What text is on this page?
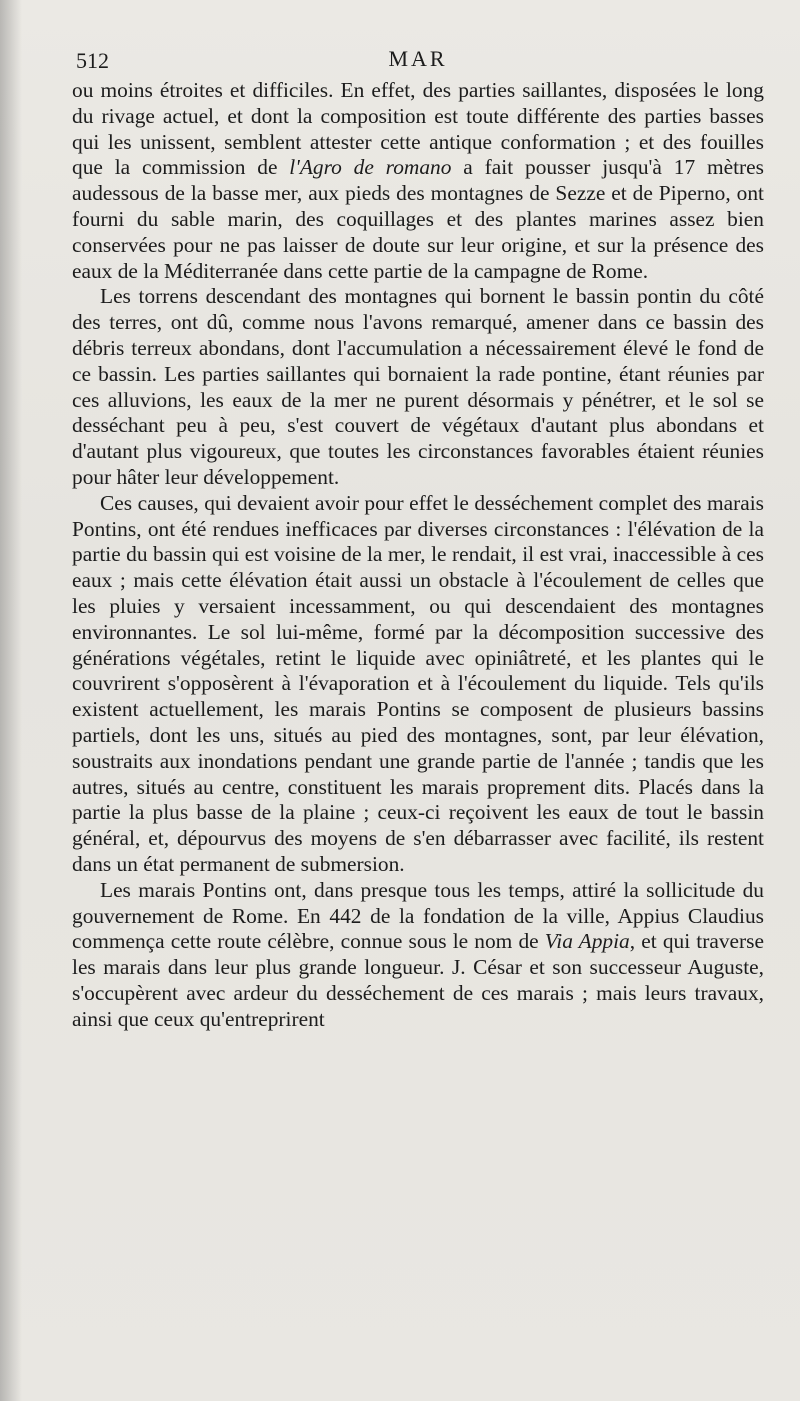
512	MAR

ou moins étroites et difficiles. En effet, des parties saillantes, disposées le long du rivage actuel, et dont la composition est toute différente des parties basses qui les unissent, semblent attester cette antique conformation ; et des fouilles que la commission de l'Agro de romano a fait pousser jusqu'à 17 mètres audessous de la basse mer, aux pieds des montagnes de Sezze et de Piperno, ont fourni du sable marin, des coquillages et des plantes marines assez bien conservées pour ne pas laisser de doute sur leur origine, et sur la présence des eaux de la Méditerranée dans cette partie de la campagne de Rome.

Les torrens descendant des montagnes qui bornent le bassin pontin du côté des terres, ont dû, comme nous l'avons remarqué, amener dans ce bassin des débris terreux abondans, dont l'accumulation a nécessairement élevé le fond de ce bassin. Les parties saillantes qui bornaient la rade pontine, étant réunies par ces alluvions, les eaux de la mer ne purent désormais y pénétrer, et le sol se desséchant peu à peu, s'est couvert de végétaux d'autant plus abondans et d'autant plus vigoureux, que toutes les circonstances favorables étaient réunies pour hâter leur développement.

Ces causes, qui devaient avoir pour effet le desséchement complet des marais Pontins, ont été rendues inefficaces par diverses circonstances : l'élévation de la partie du bassin qui est voisine de la mer, le rendait, il est vrai, inaccessible à ces eaux ; mais cette élévation était aussi un obstacle à l'écoulement de celles que les pluies y versaient incessamment, ou qui descendaient des montagnes environnantes. Le sol lui-même, formé par la décomposition successive des générations végétales, retint le liquide avec opiniâtreté, et les plantes qui le couvrirent s'opposèrent à l'évaporation et à l'écoulement du liquide. Tels qu'ils existent actuellement, les marais Pontins se composent de plusieurs bassins partiels, dont les uns, situés au pied des montagnes, sont, par leur élévation, soustraits aux inondations pendant une grande partie de l'année ; tandis que les autres, situés au centre, constituent les marais proprement dits. Placés dans la partie la plus basse de la plaine ; ceux-ci reçoivent les eaux de tout le bassin général, et, dépourvus des moyens de s'en débarrasser avec facilité, ils restent dans un état permanent de submersion.

Les marais Pontins ont, dans presque tous les temps, attiré la sollicitude du gouvernement de Rome. En 442 de la fondation de la ville, Appius Claudius commença cette route célèbre, connue sous le nom de Via Appia, et qui traverse les marais dans leur plus grande longueur. J. César et son successeur Auguste, s'occupèrent avec ardeur du desséchement de ces marais ; mais leurs travaux, ainsi que ceux qu'entreprirent
